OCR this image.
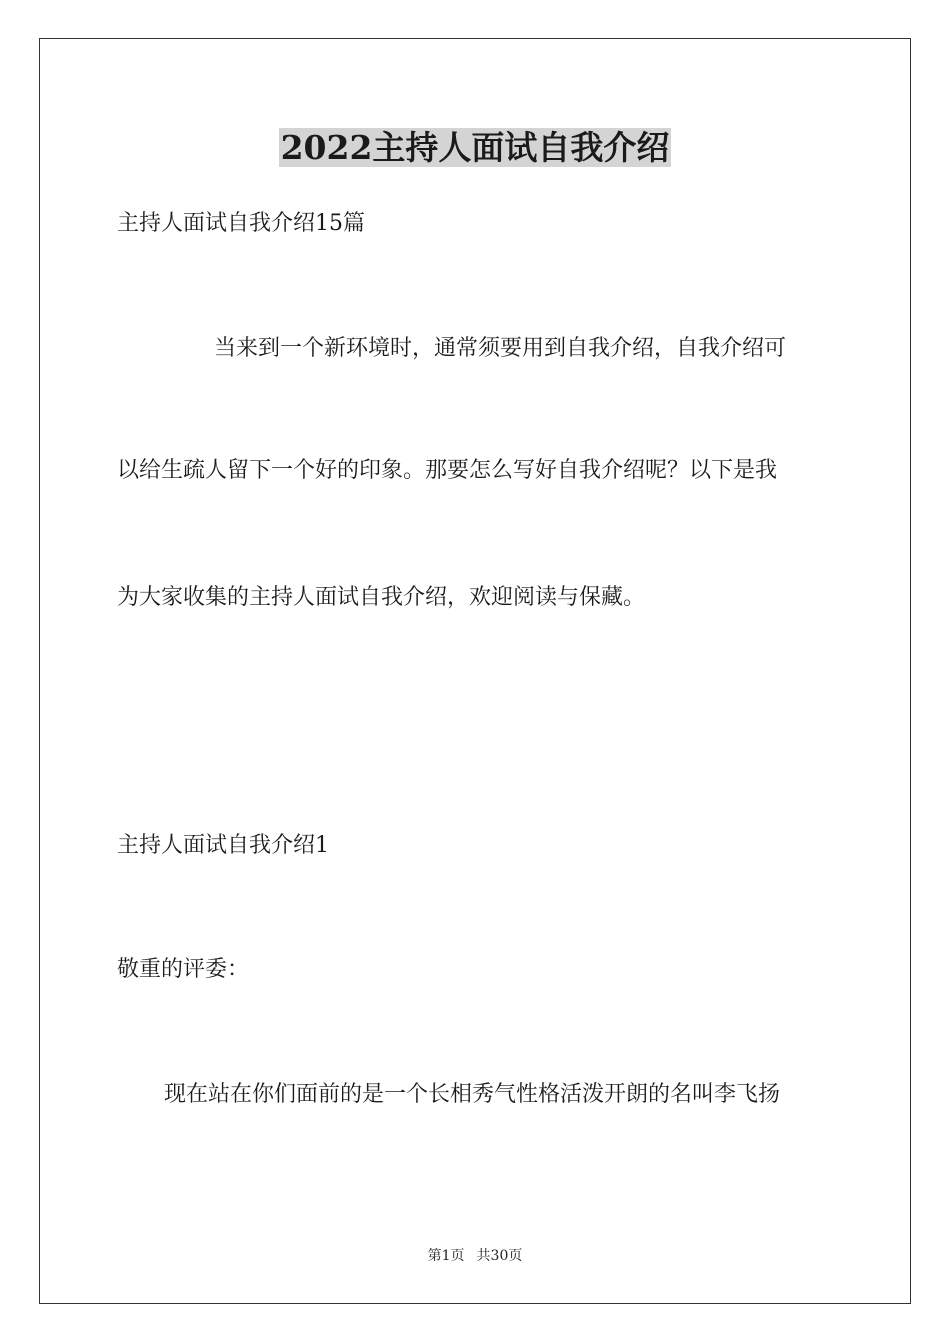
2022主持人面试自我介绍

主持人面试自我介绍15篇

当来到一个新环境时，通常须要用到自我介绍，自我介绍可

以给生疏人留下一个好的印象。那要怎么写好自我介绍呢？以下是我

为大家收集的主持人面试自我介绍，欢迎阅读与保藏。

主持人面试自我介绍1

敬重的评委：

现在站在你们面前的是一个长相秀气性格活泼开朗的名叫李飞扬

第1页 共30页
